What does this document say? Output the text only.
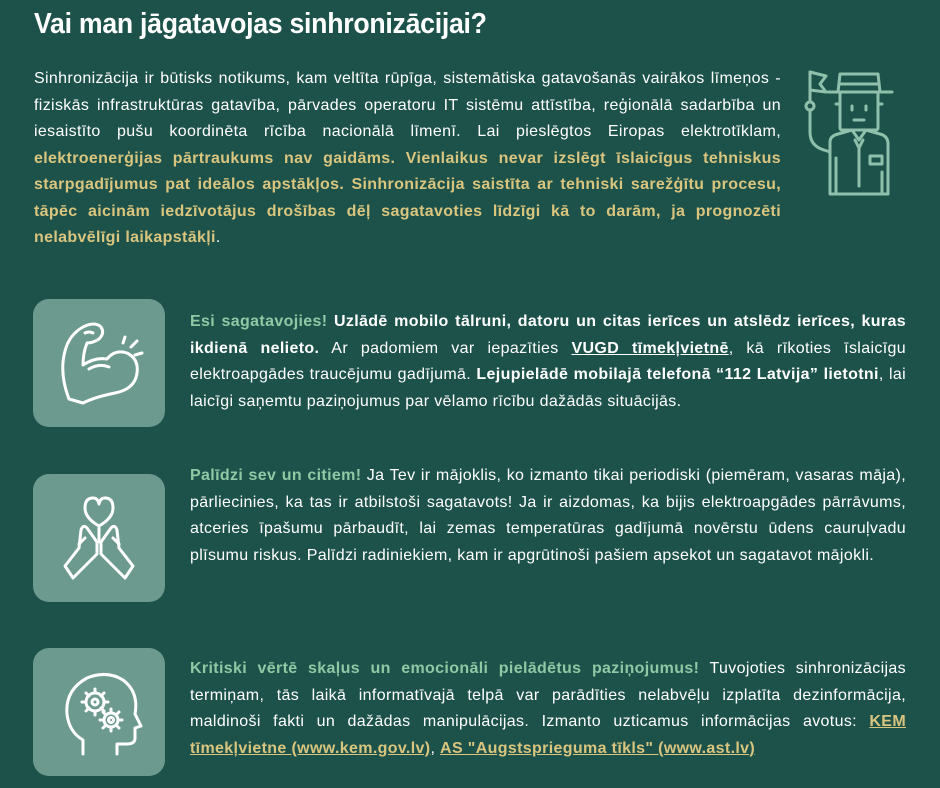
Vai man jāgatavojas sinhronizācijai?

Sinhronizācija ir būtisks notikums, kam veltīta rūpīga, sistemātiska gatavošanās vairākos līmeņos - fiziskās infrastruktūras gatavība, pārvades operatoru IT sistēmu attīstība, reģionālā sadarbība un iesaistīto pušu koordinēta rīcība nacionālā līmenī. Lai pieslēgtos Eiropas elektrotīklam, elektroenerģijas pārtraukums nav gaidāms. Vienlaikus nevar izslēgt īslaicīgus tehniskus starpgadījumus pat ideālos apstākļos. Sinhronizācija saistīta ar tehniski sarežģītu procesu, tāpēc aicinām iedzīvotājus drošības dēļ sagatavoties līdzīgi kā to darām, ja prognozēti nelabvēlīgi laikapstākļi.

Esi sagatavojies! Uzlādē mobilo tālruni, datoru un citas ierīces un atslēdz ierīces, kuras ikdienā nelieto. Ar padomiem var iepazīties VUGD tīmekļvietnē, kā rīkoties īslaicīgu elektroapgādes traucējumu gadījumā. Lejupielādē mobilajā telefonā “112 Latvija” lietotni, lai laicīgi saņemtu paziņojumus par vēlamo rīcību dažādās situācijās.

Palīdzi sev un citiem! Ja Tev ir mājoklis, ko izmanto tikai periodiski (piemēram, vasaras māja), pārliecinies, ka tas ir atbilstoši sagatavots! Ja ir aizdomas, ka bijis elektroapgādes pārrāvums, atceries īpašumu pārbaudīt, lai zemas temperatūras gadījumā novērstu ūdens cauruļvadu plīsumu riskus. Palīdzi radiniekiem, kam ir apgrūtinoši pašiem apsekot un sagatavot mājokli.

Kritiski vērtē skaļus un emocionāli pielādētus paziņojumus! Tuvojoties sinhronizācijas termiņam, tās laikā informatīvajā telpā var parādīties nelabvēļu izplatīta dezinformācija, maldinoši fakti un dažādas manipulācijas. Izmanto uzticamus informācijas avotus: KEM tīmekļvietne (www.kem.gov.lv), AS "Augstsprieguma tīkls" (www.ast.lv)
